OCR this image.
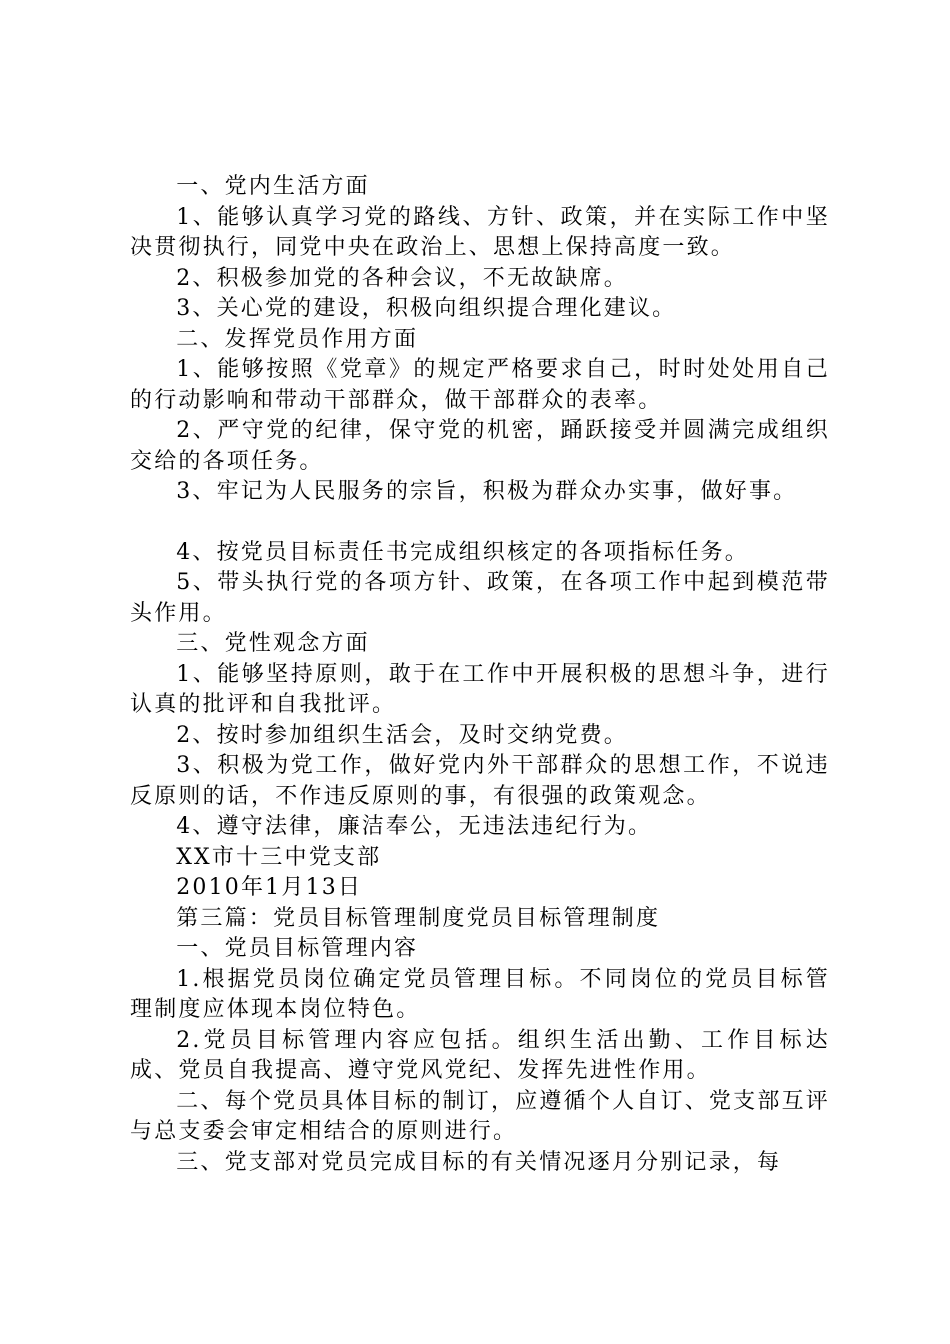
一、党内生活方面

1、能够认真学习党的路线、方针、政策，并在实际工作中坚决贯彻执行，同党中央在政治上、思想上保持高度一致。

2、积极参加党的各种会议，不无故缺席。

3、关心党的建设，积极向组织提合理化建议。

二、发挥党员作用方面

1、能够按照《党章》的规定严格要求自己，时时处处用自己的行动影响和带动干部群众，做干部群众的表率。

2、严守党的纪律，保守党的机密，踊跃接受并圆满完成组织交给的各项任务。

3、牢记为人民服务的宗旨，积极为群众办实事，做好事。

4、按党员目标责任书完成组织核定的各项指标任务。

5、带头执行党的各项方针、政策，在各项工作中起到模范带头作用。

三、党性观念方面

1、能够坚持原则，敢于在工作中开展积极的思想斗争，进行认真的批评和自我批评。

2、按时参加组织生活会，及时交纳党费。

3、积极为党工作，做好党内外干部群众的思想工作，不说违反原则的话，不作违反原则的事，有很强的政策观念。

4、遵守法律，廉洁奉公，无违法违纪行为。

XX市十三中党支部

2010年1月13日

第三篇：党员目标管理制度党员目标管理制度

一、党员目标管理内容

1.根据党员岗位确定党员管理目标。不同岗位的党员目标管理制度应体现本岗位特色。

2.党员目标管理内容应包括。组织生活出勤、工作目标达成、党员自我提高、遵守党风党纪、发挥先进性作用。

二、每个党员具体目标的制订，应遵循个人自订、党支部互评与总支委会审定相结合的原则进行。

三、党支部对党员完成目标的有关情况逐月分别记录，每
